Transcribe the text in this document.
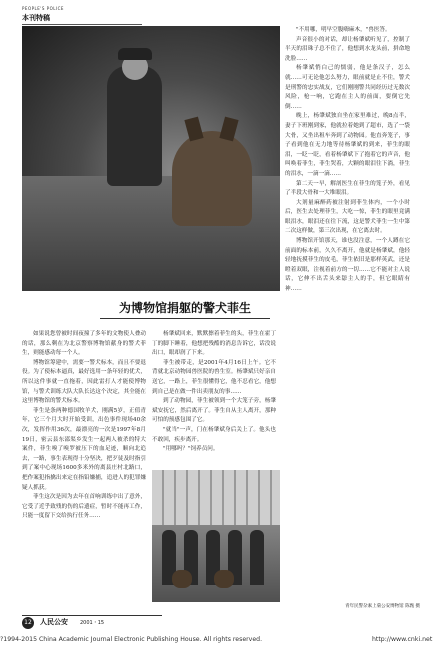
PEOPLE'S POLICE
本刊特稿
为博物馆捐躯的警犬菲生

如果说您曾被时间夜撞了多年的文物使人叠动的话，那么剩在为北京警察博物馆献身的警犬菲生，则能感动每一个人。

博物馆筹建中，需要一警犬标本，而且不要退役。为了使标本逼真，最好选用一条年轻的优犬，所以这件事就一直拖着，因此雷打人才能使博物馆，与警犬训练大队大队长达这个决定，其全能在这里博物馆的警犬标本。

菲生是条两种德国牧羊犬，刚满5岁，正值青年，它三个月大时开始受训，出色事件现场40余次，发挥作用36次，最漂亮的一次是1997年8月19日，密云县东邵渠乡发生一起两人被杀的特大案件，菲生嗅了嗅罗被压下的血足迹，顺向北追去，一路，事生表现得十分坚决，把歹徒及时指引到了案中心现场1600多米外的离县庄村北路口，把作案犯指擒出来定在指铅嫌捕，追进人的犯罪嫌疑人抓获。

菲生这次是因为去年在首响训练中出了意外，它受了近乎致残的伤的后遗症，暂时不能再工作，只能一度留下交给执行任务……

杨肇斌回来，默默擦着菲生的头，菲生在霍丁丁的脚下睡着，他想把残酷的消息告诉它，话没说出口，眼却润了下来。

菲生被带走，是2001年4月16日上午。它不背就北京动物园兽医院的兽生室。杨肇斌只好亲自送它，一路上，菲生很懂得它，他不忍看它，他想到自己是在做一件出卖朋友的事……

到了动物园，菲生被领到一个大笼子旁，杨肇斌安抚它，然后离开了。菲生自从主人离开，那种可怕的预感包围了它。

"就当"一声，门在杨肇斌身后关上了。他头也不敢回，疾步离开。

"用哪吗？"饲养员问。

"不用哪，明早空腹嗨麻木，"兽医答。

声音很小的对话，却让杨肇斌听见了，控制了半天的泪珠子总不住了，他想到水龙头前，拼命地洗脸……

杨肇斌悄白己的懦弱，他是条汉子，怎么就……可无论他怎么努力，眼前就是止不住，警犬是刑警的忠实战友，它们刚刚警共同经历过无数次风险，枪一响，它跑在主人的前面，要倒它先倒……

晚上，杨肇斌独自坐在家里难过，晚8点半，妻子下班刚到家，他就拉着她到了超市，选了一袋大骨，又坐出租车奔到了动物园。他直奔笼子，事子看到他在无力地等待杨肇斌的到来，菲生的眼泪，一眨一眨，看着杨肇斌下了抱着它的声音，他叫唤着菲生，菲生哭着，大颗的眼泪往下淌，菲生的泪水，一滴一滴……

第二天一早，解剖医生在菲生的笼子外，看见了半段大骨和一大堆眼泪。

大剂量麻醉药被注射到菲生体内，一个小时后，医生去处理菲生，大吃一惊，菲生的眼里竟满眼泪水，眼泪还在往下流，这是警犬菲生一生中第二次这样做，第三次出现，在它离去时。

博物馆开馆那天，谁也没注意，一个人蹲在它前面的标本前，久久不离开，他就是杨肇斌，他轻轻地抚摸菲生的皮毛，菲生依旧是那样英武，还是瞪着双眼，注视着前方的一切……它不能对主人说话，它伸不出舌头来舔主人的手，但它眼睛有神……

青年民警杂素上菊公安博物馆 陈甄 摄
12	人民公安 2001・15
?1994-2015 China Academic Journal Electronic Publishing House. All rights reserved.	http://www.cnki.net
